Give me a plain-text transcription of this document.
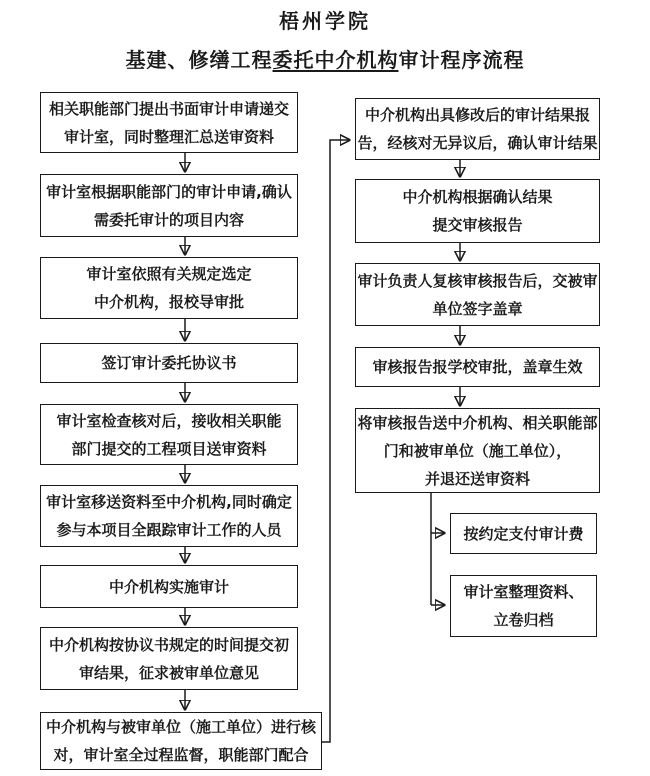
梧州学院
基建、修缮工程委托中介机构审计程序流程
相关职能部门提出书面审计申请递交
审计室，同时整理汇总送审资料
审计室根据职能部门的审计申请,确认
需委托审计的项目内容
审计室依照有关规定选定
中介机构，报校导审批
签订审计委托协议书
审计室检查核对后，接收相关职能
部门提交的工程项目送审资料
审计室移送资料至中介机构,同时确定
参与本项目全跟踪审计工作的人员
中介机构实施审计
中介机构按协议书规定的时间提交初
审结果，征求被审单位意见
中介机构与被审单位（施工单位）进行核
对，审计室全过程监督，职能部门配合
中介机构出具修改后的审计结果报
告，经核对无异议后，确认审计结果
中介机构根据确认结果
提交审核报告
审计负责人复核审核报告后，交被审
单位签字盖章
审核报告报学校审批，盖章生效
将审核报告送中介机构、相关职能部
门和被审单位（施工单位），
并退还送审资料
按约定支付审计费
审计室整理资料、
立卷归档
